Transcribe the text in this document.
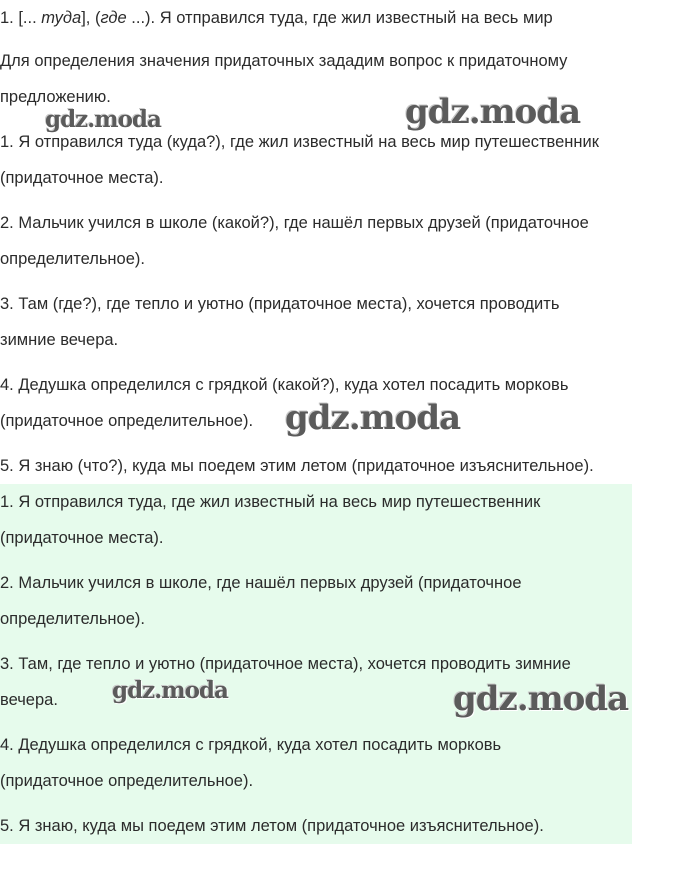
1. [... туда], (где ...). Я отправился туда, где жил известный на весь мир

Для определения значения придаточных зададим вопрос к придаточному

предложению.

1. Я отправился туда (куда?), где жил известный на весь мир путешественник

(придаточное места).

2. Мальчик учился в школе (какой?), где нашёл первых друзей (придаточное

определительное).

3. Там (где?), где тепло и уютно (придаточное места), хочется проводить

зимние вечера.

4. Дедушка определился с грядкой (какой?), куда хотел посадить морковь

(придаточное определительное).

5. Я знаю (что?), куда мы поедем этим летом (придаточное изъяснительное).

1. Я отправился туда, где жил известный на весь мир путешественник

(придаточное места).

2. Мальчик учился в школе, где нашёл первых друзей (придаточное

определительное).

3. Там, где тепло и уютно (придаточное места), хочется проводить зимние

вечера.

4. Дедушка определился с грядкой, куда хотел посадить морковь

(придаточное определительное).

5. Я знаю, куда мы поедем этим летом (придаточное изъяснительное).

gdz.moda	gdz.moda
gdz.moda
gdz.moda	gdz.moda
